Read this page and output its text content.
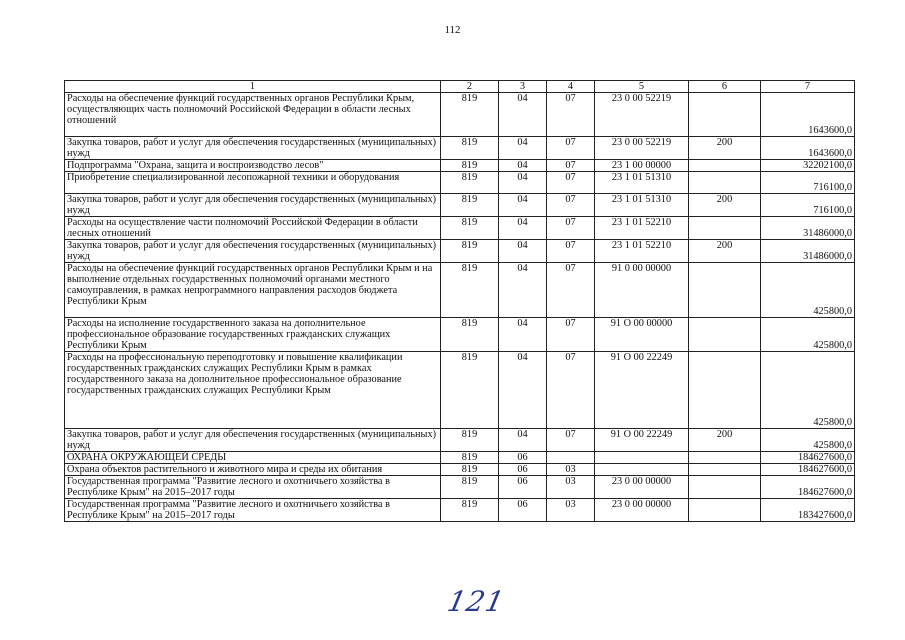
112
1	2	3	4	5	6	7
Расходы на обеспечение функций государственных органов Республики Крым, осуществляющих часть полномочий Российской Федерации в области лесных отношений	819	04	07	23 0 00 52219		1643600,0
Закупка товаров, работ и услуг для обеспечения государственных (муниципальных) нужд	819	04	07	23 0 00 52219	200	1643600,0
Подпрограмма "Охрана, защита и воспроизводство лесов"	819	04	07	23 1 00 00000		32202100,0
Приобретение специализированной лесопожарной техники и оборудования	819	04	07	23 1 01 51310		716100,0
Закупка товаров, работ и услуг для обеспечения государственных (муниципальных) нужд	819	04	07	23 1 01 51310	200	716100,0
Расходы на осуществление части полномочий Российской Федерации в области лесных отношений	819	04	07	23 1 01 52210		31486000,0
Закупка товаров, работ и услуг для обеспечения государственных (муниципальных) нужд	819	04	07	23 1 01 52210	200	31486000,0
Расходы на обеспечение функций государственных органов Республики Крым и на выполнение отдельных государственных полномочий органами местного самоуправления, в рамках непрограммного направления расходов бюджета Республики Крым	819	04	07	91 0 00 00000		425800,0
Расходы на исполнение государственного заказа на дополнительное профессиональное образование государственных гражданских служащих Республики Крым	819	04	07	91 О 00 00000		425800,0
Расходы на профессиональную переподготовку и повышение квалификации государственных гражданских служащих Республики Крым в рамках государственного заказа на дополнительное профессиональное образование государственных гражданских служащих Республики Крым	819	04	07	91 О 00 22249		425800,0
Закупка товаров, работ и услуг для обеспечения государственных (муниципальных) нужд	819	04	07	91 О 00 22249	200	425800,0
ОХРАНА ОКРУЖАЮЩЕЙ СРЕДЫ	819	06				184627600,0
Охрана объектов растительного и животного мира и среды их обитания	819	06	03			184627600,0
Государственная программа "Развитие лесного и охотничьего хозяйства в Республике Крым" на 2015–2017 годы	819	06	03	23 0 00 00000		184627600,0
Государственная программа "Развитие лесного и охотничьего хозяйства в Республике Крым" на 2015–2017 годы	819	06	03	23 0 00 00000		183427600,0
121
